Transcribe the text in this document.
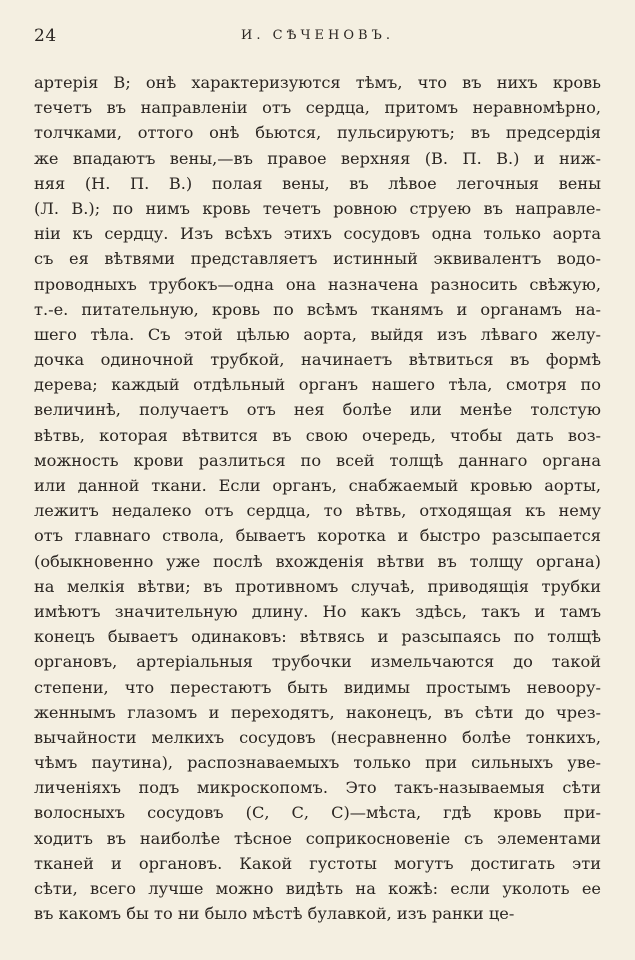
24	И. СѢЧЕНОВЪ.
артерія В; онѣ характеризуются тѣмъ, что въ нихъ кровь
течетъ въ направленіи отъ сердца, притомъ неравномѣрно,
толчками, оттого онѣ бьются, пульсируютъ; въ предсердія
же впадаютъ вены,—въ правое верхняя (В. П. В.) и ниж-
няя (Н. П. В.) полая вены, въ лѣвое легочныя вены
(Л. В.); по нимъ кровь течетъ ровною струею въ направле-
ніи къ сердцу. Изъ всѣхъ этихъ сосудовъ одна только аорта
съ ея вѣтвями представляетъ истинный эквивалентъ водо-
проводныхъ трубокъ—одна она назначена разносить свѣжую,
т.-е. питательную, кровь по всѣмъ тканямъ и органамъ на-
шего тѣла. Съ этой цѣлью аорта, выйдя изъ лѣваго желу-
дочка одиночной трубкой, начинаетъ вѣтвиться въ формѣ
дерева; каждый отдѣльный органъ нашего тѣла, смотря по
величинѣ, получаетъ отъ нея болѣе или менѣе толстую
вѣтвь, которая вѣтвится въ свою очередь, чтобы дать воз-
можность крови разлиться по всей толщѣ даннаго органа
или данной ткани. Если органъ, снабжаемый кровью аорты,
лежитъ недалеко отъ сердца, то вѣтвь, отходящая къ нему
отъ главнаго ствола, бываетъ коротка и быстро разсыпается
(обыкновенно уже послѣ вхожденія вѣтви въ толщу органа)
на мелкія вѣтви; въ противномъ случаѣ, приводящія трубки
имѣютъ значительную длину. Но какъ здѣсь, такъ и тамъ
конецъ бываетъ одинаковъ: вѣтвясь и разсыпаясь по толщѣ
органовъ, артеріальныя трубочки измельчаются до такой
степени, что перестаютъ быть видимы простымъ невоору-
женнымъ глазомъ и переходятъ, наконецъ, въ сѣти до чрез-
вычайности мелкихъ сосудовъ (несравненно болѣе тонкихъ,
чѣмъ паутина), распознаваемыхъ только при сильныхъ уве-
личеніяхъ подъ микроскопомъ. Это такъ-называемыя сѣти
волосныхъ сосудовъ (С, С, С)—мѣста, гдѣ кровь при-
ходитъ въ наиболѣе тѣсное соприкосновеніе съ элементами
тканей и органовъ. Какой густоты могутъ достигать эти
сѣти, всего лучше можно видѣть на кожѣ: если уколоть ее
въ какомъ бы то ни было мѣстѣ булавкой, изъ ранки це-
